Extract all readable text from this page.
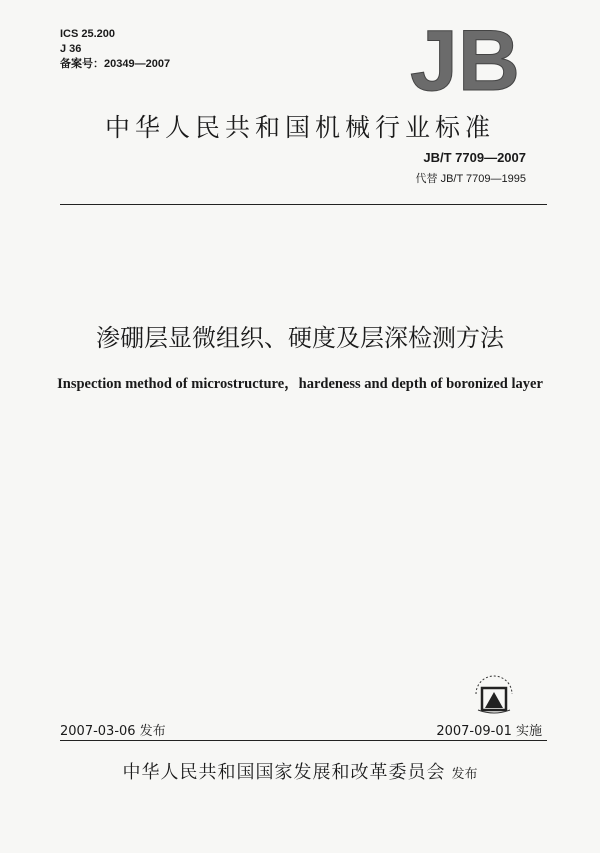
ICS 25.200
J 36
备案号：20349—2007	JB
中华人民共和国机械行业标准
JB/T 7709—2007
代替 JB/T 7709—1995
渗硼层显微组织、硬度及层深检测方法
Inspection method of microstructure，hardeness and depth of boronized layer
2007-03-06 发布	2007-09-01 实施
中华人民共和国国家发展和改革委员会 发布
